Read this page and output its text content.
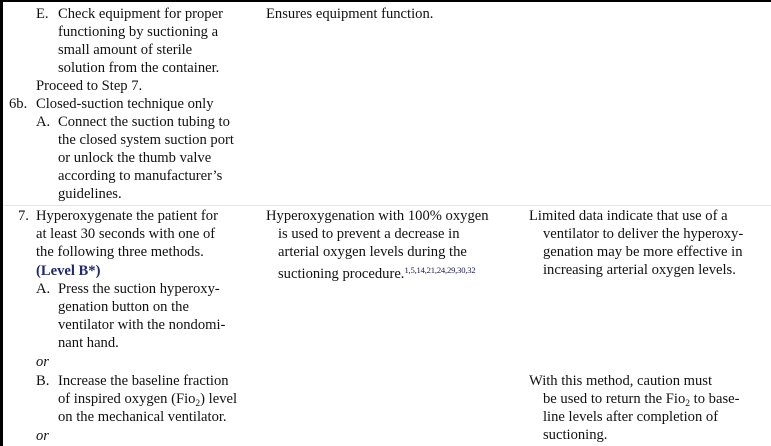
E. Check equipment for proper
functioning by suctioning a
small amount of sterile
solution from the container.
Proceed to Step 7.
6b. Closed-suction technique only
A. Connect the suction tubing to
the closed system suction port
or unlock the thumb valve
according to manufacturer’s
guidelines.
7. Hyperoxygenate the patient for
at least 30 seconds with one of
the following three methods.
(Level B*)
A. Press the suction hyperoxy-
genation button on the
ventilator with the nondomi-
nant hand.
or
B. Increase the baseline fraction
of inspired oxygen (Fio$_2$) level
on the mechanical ventilator.
or
Ensures equipment function.
Hyperoxygenation with 100% oxygen
is used to prevent a decrease in
arterial oxygen levels during the
suctioning procedure.$^{1,5,14,21,24,29,30,32}$
Limited data indicate that use of a
ventilator to deliver the hyperoxy-
genation may be more effective in
increasing arterial oxygen levels.
With this method, caution must
be used to return the Fio$_2$ to base-
line levels after completion of
suctioning.
